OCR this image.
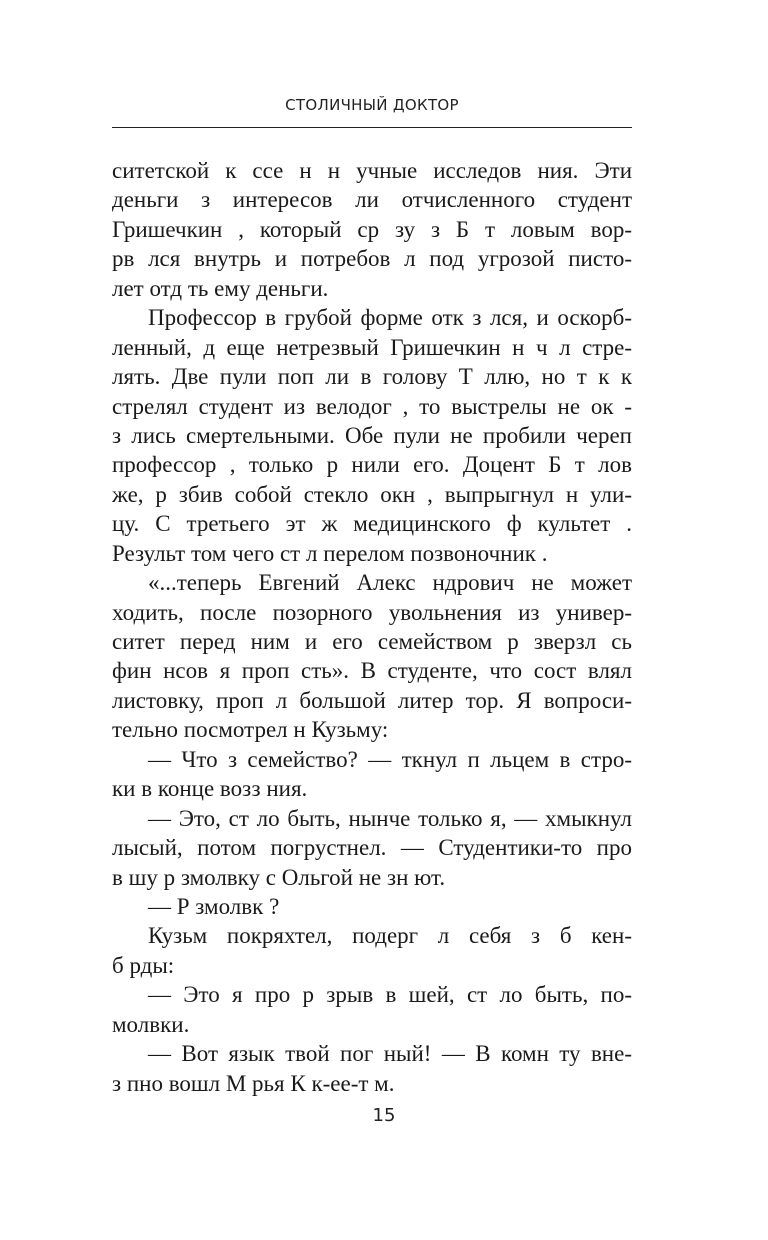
СТОЛИЧНЫЙ ДОКТОР
ситетской к ссе н н учные исследов ния. Эти
деньги з интересов ли отчисленного студент
Гришечкин , который ср зу з Б т ловым вор-
рв лся внутрь и потребов л под угрозой писто-
лет отд ть ему деньги.
Профессор в грубой форме отк з лся, и оскорб-
ленный, д еще нетрезвый Гришечкин н ч л стре-
лять. Две пули поп ли в голову Т ллю, но т к к
стрелял студент из велодог , то выстрелы не ок -
з лись смертельными. Обе пули не пробили череп
профессор , только р нили его. Доцент Б т лов
же, р збив собой стекло окн , выпрыгнул н ули-
цу. С третьего эт ж медицинского ф культет .
Результ том чего ст л перелом позвоночник .
«...теперь Евгений Алекс ндрович не может
ходить, после позорного увольнения из универ-
ситет перед ним и его семейством р зверзл сь
фин нсов я проп сть». В студенте, что сост влял
листовку, проп л большой литер тор. Я вопроси-
тельно посмотрел н Кузьму:
— Что з семейство? — ткнул п льцем в стро-
ки в конце возз ния.
— Это, ст ло быть, нынче только я, — хмыкнул
лысый, потом погрустнел. — Студентики-то про
в шу р змолвку с Ольгой не зн ют.
— Р змолвк ?
Кузьм покряхтел, подерг л себя з б кен-
б рды:
— Это я про р зрыв в шей, ст ло быть, по-
молвки.
— Вот язык твой пог ный! — В комн ту вне-
з пно вошл М рья К к-ее-т м.
15
